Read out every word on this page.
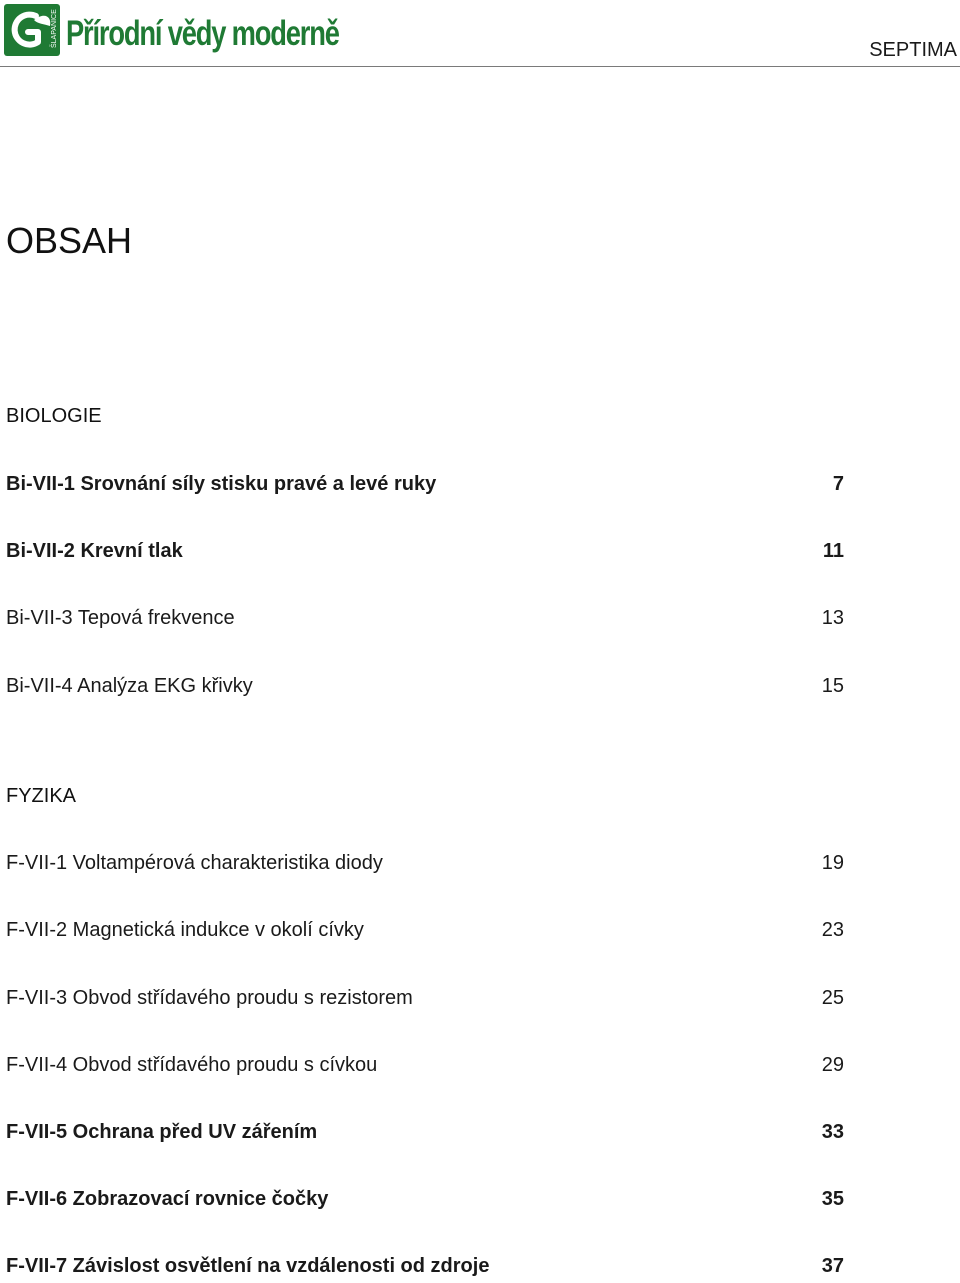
ŠLAPANICE Přírodní vědy moderně	SEPTIMA
OBSAH
BIOLOGIE
Bi-VII-1 Srovnání síly stisku pravé a levé ruky	7
Bi-VII-2 Krevní tlak	11
Bi-VII-3 Tepová frekvence	13
Bi-VII-4 Analýza EKG křivky	15
FYZIKA
F-VII-1 Voltampérová charakteristika diody	19
F-VII-2 Magnetická indukce v okolí cívky	23
F-VII-3 Obvod střídavého proudu s rezistorem	25
F-VII-4 Obvod střídavého proudu s cívkou	29
F-VII-5 Ochrana před UV zářením	33
F-VII-6 Zobrazovací rovnice čočky	35
F-VII-7 Závislost osvětlení na vzdálenosti od zdroje	37
